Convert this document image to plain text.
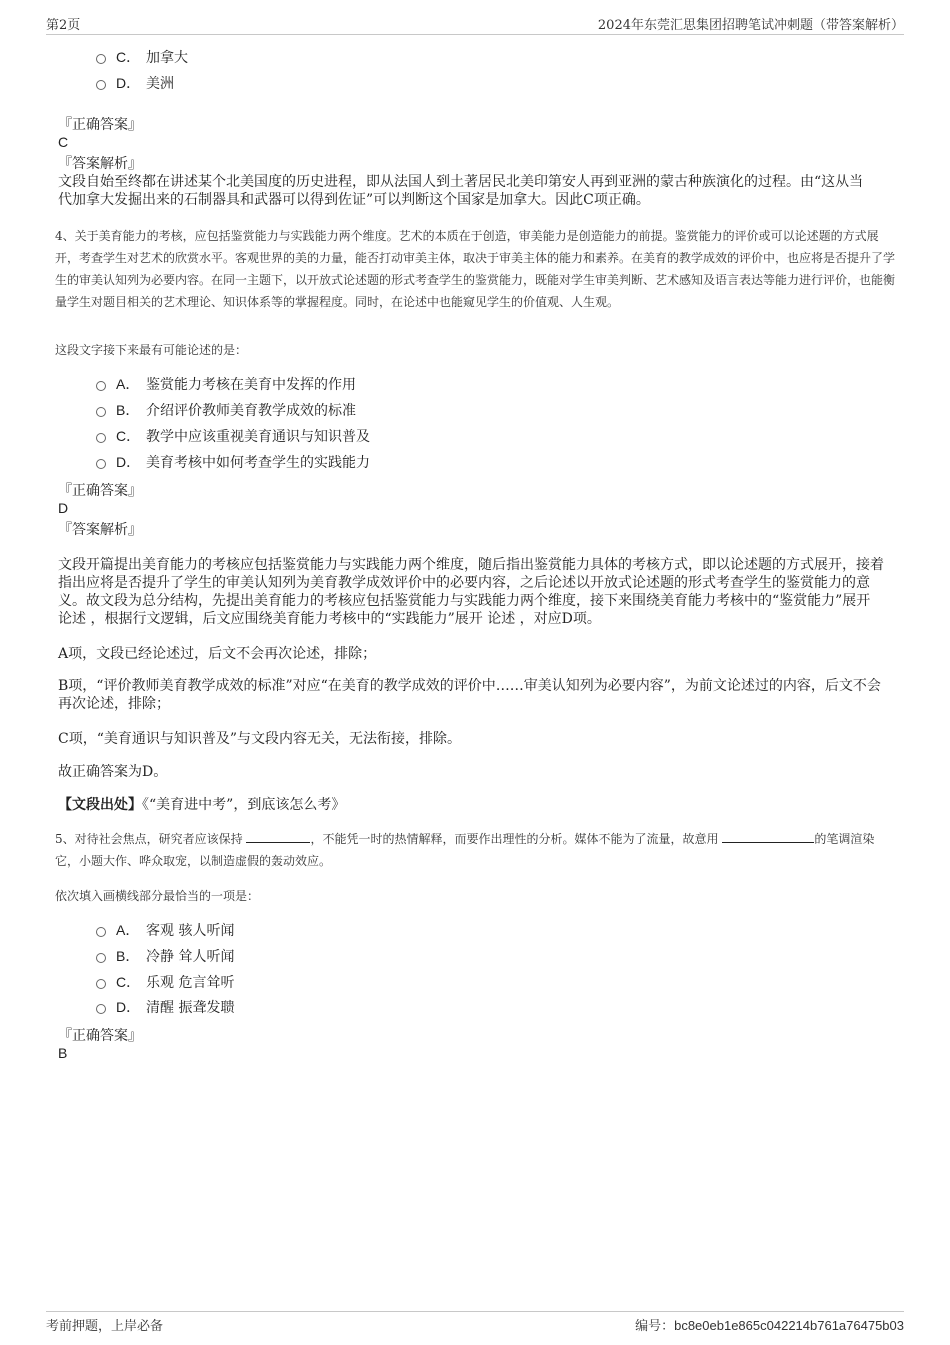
第2页	2024年东莞汇思集团招聘笔试冲刺题（带答案解析）
C． 加拿大
D． 美洲
『正确答案』
C
『答案解析』
文段自始至终都在讲述某个北美国度的历史进程，即从法国人到土著居民北美印第安人再到亚洲的蒙古种族演化的过程。由“这从当代加拿大发掘出来的石制器具和武器可以得到佐证”可以判断这个国家是加拿大。因此C项正确。
4、关于美育能力的考核，应包括鉴赏能力与实践能力两个维度。艺术的本质在于创造，审美能力是创造能力的前提。鉴赏能力的评价或可以论述题的方式展开，考查学生对艺术的欣赏水平。客观世界的美的力量，能否打动审美主体，取决于审美主体的能力和素养。在美育的教学成效的评价中，也应将是否提升了学生的审美认知列为必要内容。在同一主题下，以开放式论述题的形式考查学生的鉴赏能力，既能对学生审美判断、艺术感知及语言表达等能力进行评价，也能衡量学生对题目相关的艺术理论、知识体系等的掌握程度。同时，在论述中也能窥见学生的价值观、人生观。
这段文字接下来最有可能论述的是：
A． 鉴赏能力考核在美育中发挥的作用
B． 介绍评价教师美育教学成效的标准
C． 教学中应该重视美育通识与知识普及
D． 美育考核中如何考查学生的实践能力
『正确答案』
D
『答案解析』
文段开篇提出美育能力的考核应包括鉴赏能力与实践能力两个维度，随后指出鉴赏能力具体的考核方式，即以论述题的方式展开，接着指出应将是否提升了学生的审美认知列为美育教学成效评价中的必要内容，之后论述以开放式论述题的形式考查学生的鉴赏能力的意义。故文段为总分结构，先提出美育能力的考核应包括鉴赏能力与实践能力两个维度，接下来围绕美育能力考核中的“鉴赏能力”展开 论述 ，根据行文逻辑，后文应围绕美育能力考核中的“实践能力”展开 论述 ，对应D项。
A项，文段已经论述过，后文不会再次论述，排除；
B项，“评价教师美育教学成效的标准”对应“在美育的教学成效的评价中……审美认知列为必要内容”，为前文论述过的内容，后文不会再次论述，排除；
C项，“美育通识与知识普及”与文段内容无关，无法衔接，排除。
故正确答案为D。
【文段出处】《“美育进中考”，到底该怎么考》
5、对待社会焦点，研究者应该保持	，不能凭一时的热情解释，而要作出理性的分析。媒体不能为了流量，故意用	的笔调渲染它，小题大作、哗众取宠，以制造虚假的轰动效应。
依次填入画横线部分最恰当的一项是：
A． 客观 骇人听闻
B． 冷静 耸人听闻
C． 乐观 危言耸听
D． 清醒 振聋发聩
『正确答案』
B
考前押题，上岸必备	编号：bc8e0eb1e865c042214b761a76475b03
